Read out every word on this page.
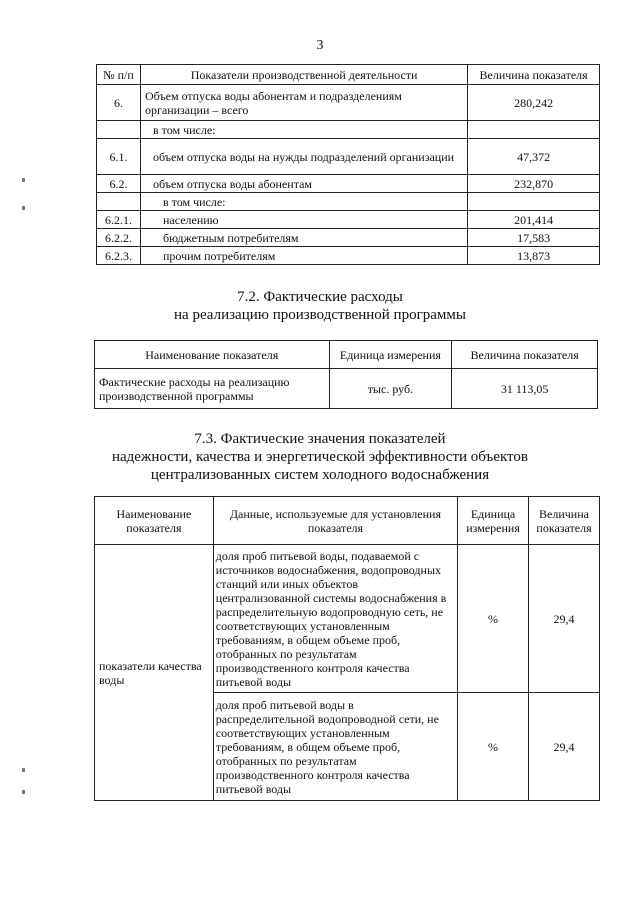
3
№ п/п	Показатели производственной деятельности	Величина показателя
6.	Объем отпуска воды абонентам и подразделениям организации – всего	280,242
	в том числе:	
6.1.	объем отпуска воды на нужды подразделений организации	47,372
6.2.	объем отпуска воды абонентам	232,870
	в том числе:	
6.2.1.	населению	201,414
6.2.2.	бюджетным потребителям	17,583
6.2.3.	прочим потребителям	13,873
7.2. Фактические расходы
на реализацию производственной программы
Наименование показателя	Единица измерения	Величина показателя
Фактические расходы на реализацию производственной программы	тыс. руб.	31 113,05
7.3. Фактические значения показателей
надежности, качества и энергетической эффективности объектов
централизованных систем холодного водоснабжения
Наименование показателя	Данные, используемые для установления показателя	Единица измерения	Величина показателя
показатели качества воды	доля проб питьевой воды, подаваемой с источников водоснабжения, водопроводных станций или иных объектов централизованной системы водоснабжения в распределительную водопроводную сеть, не соответствующих установленным требованиям, в общем объеме проб, отобранных по результатам производственного контроля качества питьевой воды	%	29,4
	доля проб питьевой воды в распределительной водопроводной сети, не соответствующих установленным требованиям, в общем объеме проб, отобранных по результатам производственного контроля качества питьевой воды	%	29,4
